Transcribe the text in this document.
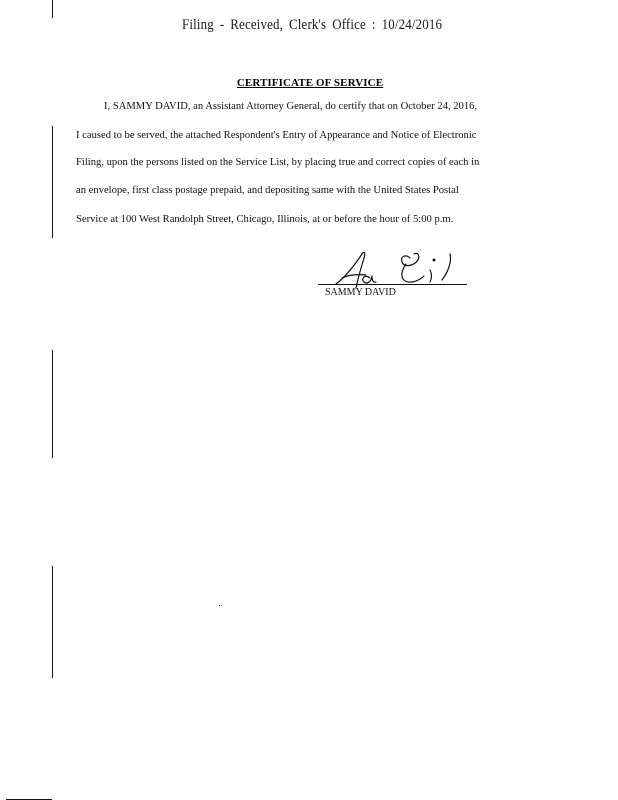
Filing - Received, Clerk's Office : 10/24/2016
CERTIFICATE OF SERVICE
I, SAMMY DAVID, an Assistant Attorney General, do certify that on October 24, 2016,
I caused to be served, the attached Respondent's Entry of Appearance and Notice of Electronic
Filing, upon the persons listed on the Service List, by placing true and correct copies of each in
an envelope, first class postage prepaid, and depositing same with the United States Postal
Service at 100 West Randolph Street, Chicago, Illinois, at or before the hour of 5:00 p.m.
SAMMY DAVID
